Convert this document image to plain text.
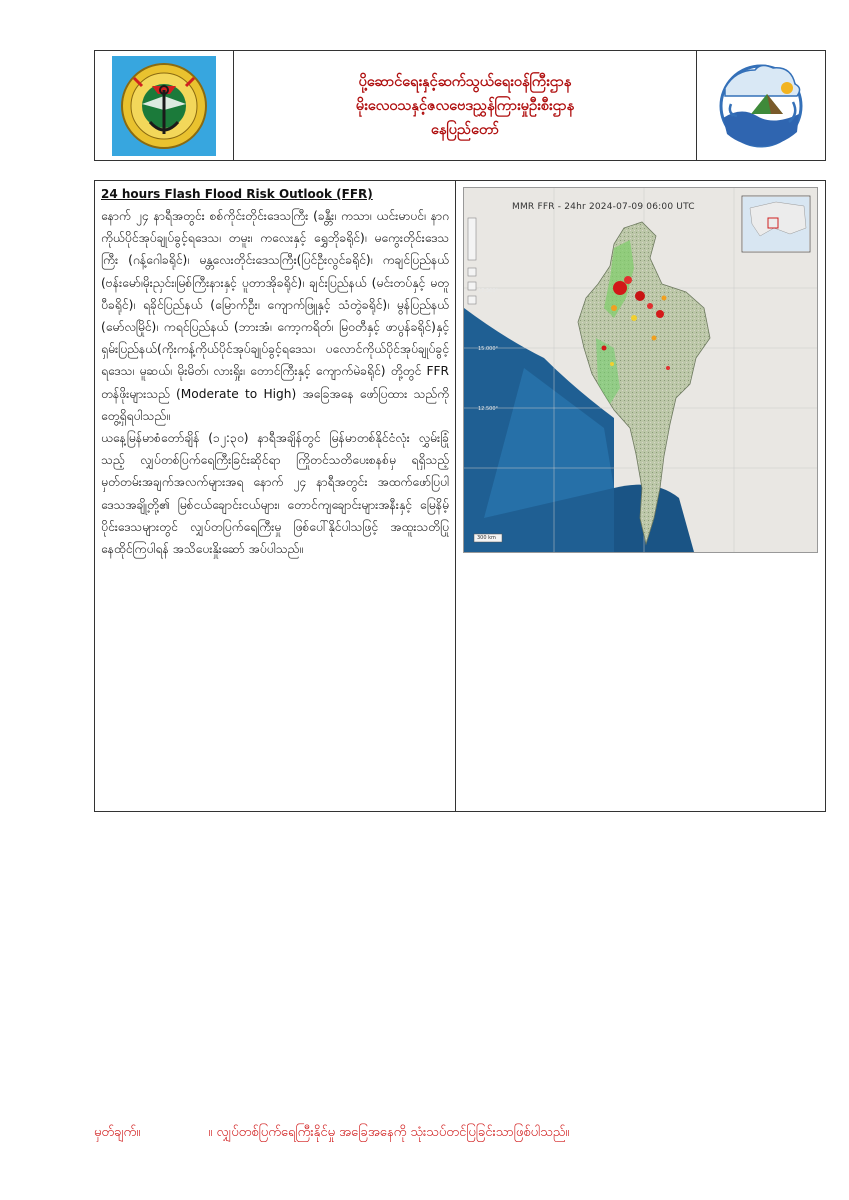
ပို့ဆောင်ရေးနှင့်ဆက်သွယ်ရေးဝန်ကြီးဌာန
မိုးလေဝသနှင့်ဇလဗေဒညွှန်ကြားမှုဦးစီးဌာန
နေပြည်တော်
24 hours Flash Flood Risk Outlook (FFR)

နောက် ၂၄ နာရီအတွင်း စစ်ကိုင်းတိုင်းဒေသကြီး (ခန္တီး၊ ကသာ၊ ယင်းမာပင်၊ နာဂကိုယ်ပိုင်အုပ်ချုပ်ခွင့်ရဒေသ၊ တမူး၊ ကလေးနှင့် ရွှေဘိုခရိုင်)၊ မကွေးတိုင်းဒေသကြီး (ဂန့်ဂေါခရိုင်)၊ မန္တလေးတိုင်းဒေသကြီး(ပြင်ဦးလွင်ခရိုင်)၊ ကချင်ပြည်နယ် (ဗန်းမော်၊မိုးညှင်း၊မြစ်ကြီးနားနှင့် ပူတာအိုခရိုင်)၊ ချင်းပြည်နယ် (မင်းတပ်နှင့် မတူပီခရိုင်)၊ ရခိုင်ပြည်နယ် (မြောက်ဦး၊ ကျောက်ဖြူနှင့် သံတွဲခရိုင်)၊ မွန်ပြည်နယ် (မော်လမြိုင်)၊ ကရင်ပြည်နယ် (ဘားအံ၊ ကော့ကရိတ်၊ မြဝတီနှင့် ဖာပွန်ခရိုင်)နှင့် ရှမ်းပြည်နယ်(ကိုးကန့်ကိုယ်ပိုင်အုပ်ချုပ်ခွင့်ရဒေသ၊ ပလောင်ကိုယ်ပိုင်အုပ်ချုပ်ခွင့်ရဒေသ၊ မူဆယ်၊ မိုးမိတ်၊ လားရှိုး၊ တောင်ကြီးနှင့် ကျောက်မဲခရိုင်) တို့တွင် FFR တန်ဖိုးများသည် (Moderate to High) အခြေအနေ ဖော်ပြထား သည်ကို တွေ့ရှိရပါသည်။

ယနေ့မြန်မာစံတော်ချိန် (၁၂:၃၀) နာရီအချိန်တွင် မြန်မာတစ်နိုင်ငံလုံး လွှမ်းခြုံသည့် လျှပ်တစ်ပြက်ရေကြီးခြင်းဆိုင်ရာ ကြိုတင်သတိပေးစနစ်မှ ရရှိသည့် မှတ်တမ်းအချက်အလက်များအရ နောက် ၂၄ နာရီအတွင်း အထက်ဖော်ပြပါ ဒေသအချို့တို့၏ မြစ်ငယ်ချောင်းငယ်များ၊ တောင်ကျချောင်းများအနီးနှင့် မြေနိမ့်ပိုင်းဒေသများတွင် လျှပ်တပြက်ရေကြီးမှု ဖြစ်ပေါ်နိုင်ပါသဖြင့် အထူးသတိပြု နေထိုင်ကြပါရန် အသိပေးနှိုးဆော် အပ်ပါသည်။

MMR FFR - 24hr 2024-07-09 06:00 UTC
17.500°
15.000°
12.500°
300 km
မှတ်ချက်။	။ လျှပ်တစ်ပြက်ရေကြီးနိုင်မှု အခြေအနေကို သုံးသပ်တင်ပြခြင်းသာဖြစ်ပါသည်။
